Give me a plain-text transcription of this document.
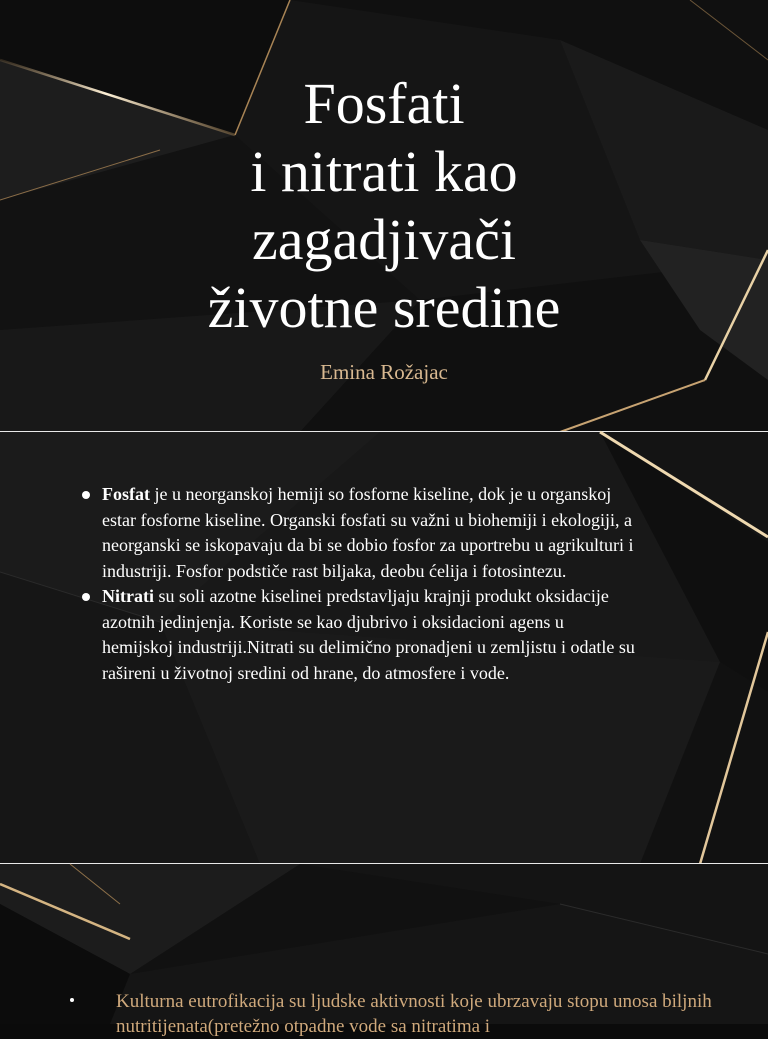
Fosfati
i nitrati kao
zagadjivači
životne sredine
Emina Rožajac
Fosfat je u neorganskoj hemiji so fosforne kiseline, dok je u organskoj estar fosforne kiseline. Organski fosfati su važni u biohemiji i ekologiji, a neorganski se iskopavaju da bi se dobio fosfor za uportrebu u agrikulturi i industriji. Fosfor podstiče rast biljaka, deobu ćelija i fotosintezu.
Nitrati su soli azotne kiselinei predstavljaju krajnji produkt oksidacije azotnih jedinjenja. Koriste se kao djubrivo i oksidacioni agens u hemijskoj industriji.Nitrati su delimično pronadjeni u zemljistu i odatle su rašireni u životnoj sredini od hrane, do atmosfere i vode.
Kulturna eutrofikacija su ljudske aktivnosti koje ubrzavaju stopu unosa biljnih nutritijenata(pretežno otpadne vode sa nitratima i
